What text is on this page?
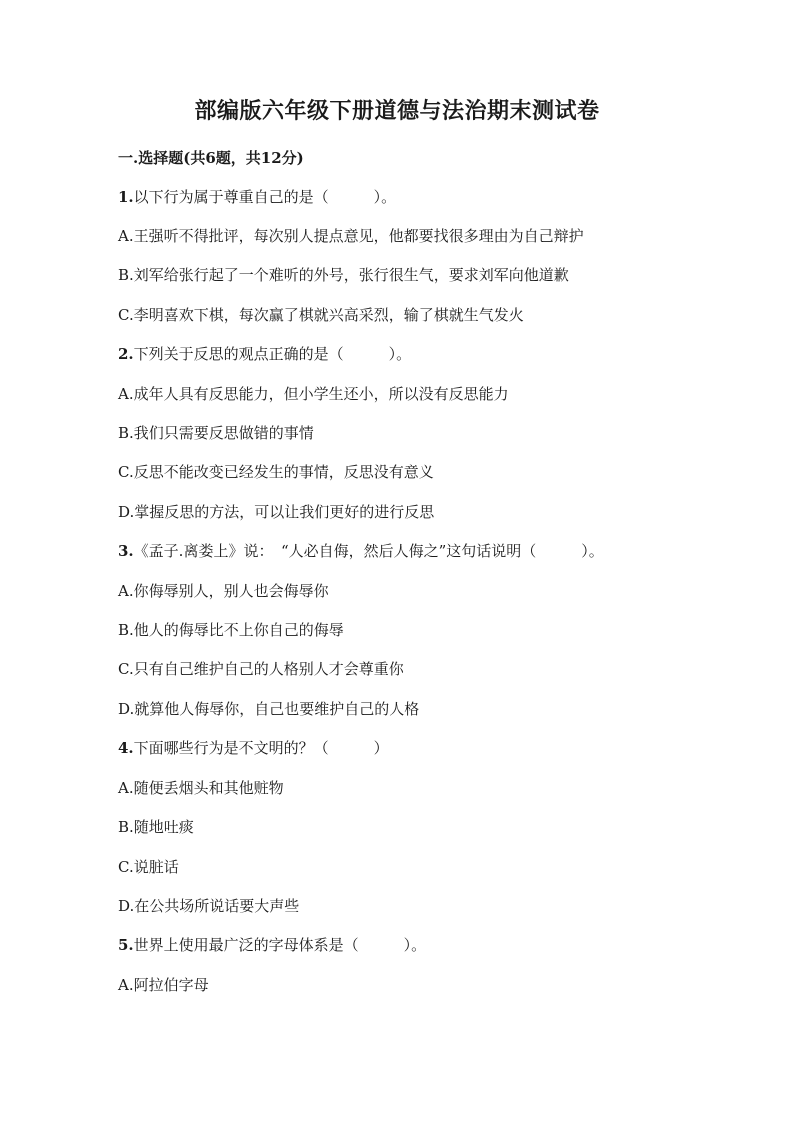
部编版六年级下册道德与法治期末测试卷
一.选择题(共6题，共12分)
1.以下行为属于尊重自己的是（　　　）。
A.王强听不得批评，每次别人提点意见，他都要找很多理由为自己辩护
B.刘军给张行起了一个难听的外号，张行很生气，要求刘军向他道歉
C.李明喜欢下棋，每次赢了棋就兴高采烈，输了棋就生气发火
2.下列关于反思的观点正确的是（　　　）。
A.成年人具有反思能力，但小学生还小，所以没有反思能力
B.我们只需要反思做错的事情
C.反思不能改变已经发生的事情，反思没有意义
D.掌握反思的方法，可以让我们更好的进行反思
3.《孟子.离娄上》说：　“人必自侮，然后人侮之”这句话说明（　　　）。
A.你侮辱别人，别人也会侮辱你
B.他人的侮辱比不上你自己的侮辱
C.只有自己维护自己的人格别人才会尊重你
D.就算他人侮辱你，自己也要维护自己的人格
4.下面哪些行为是不文明的？（　　　）
A.随便丢烟头和其他赃物
B.随地吐痰
C.说脏话
D.在公共场所说话要大声些
5.世界上使用最广泛的字母体系是（　　　）。
A.阿拉伯字母
